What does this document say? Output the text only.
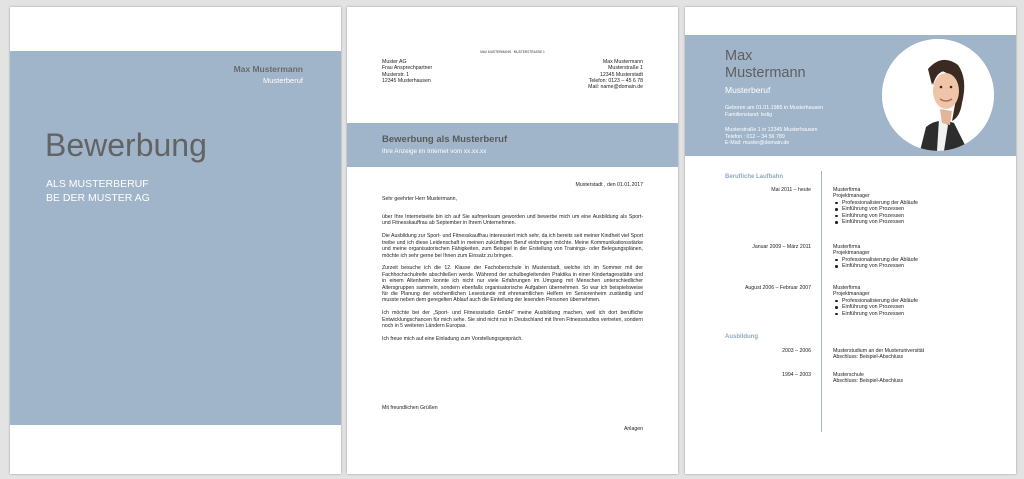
Max Mustermann
Musterberuf
Bewerbung
ALS MUSTERBERUF
BE DER MUSTER AG
MAX MUSTERMANN · MUSTERSTRASSE 1
Muster AG
Frau Ansprechpartner
Musterstr. 1
12345 Musterhausen
Max Mustermann
Musterstraße 1
12345 Musterstadt
Telefon: 0123 – 45 6 78
Mail: name@domain.de
Bewerbung als Musterberuf
Ihre Anzeige im Internet vom xx.xx.xx
Musterstadt , den 01.01.2017
Sehr geehrter Herr Mustermann,

über Ihre Internetseite bin ich auf Sie aufmerksam geworden und bewerbe mich um eine Ausbildung als Sport- und Fitnesskauffrau ab September in Ihrem Unternehmen.

Die Ausbildung zur Sport- und Fitnesskauffrau interessiert mich sehr, da ich bereits seit meiner Kindheit viel Sport treibe und ich diese Leidenschaft in meinen zukünftigen Beruf einbringen möchte. Meine Kommunikationsstärke und meine organisatorischen Fähigkeiten, zum Beispiel in der Erstellung von Trainings- oder Belegungsplänen, möchte ich sehr gerne bei Ihnen zum Einsatz zu bringen.

Zurzeit besuche ich die 12. Klasse der Fachoberschule in Musterstadt, welche ich im Sommer mit der Fachhochschulreife abschließen werde. Während der schulbegleitenden Praktika in einer Kindertagesstätte und in einem Altenheim konnte ich nicht nur viele Erfahrungen im Umgang mit Menschen unterschiedlicher Altersgruppen sammeln, sondern ebenfalls organisatorische Aufgaben übernehmen. So war ich beispielsweise für die Planung der wöchentlichen Lesestunde mit ehrenamtlichen Helfern im Seniorenheim zuständig und musste neben dem geregelten Ablauf auch die Einteilung der lesenden Personen übernehmen.

Ich möchte bei der „Sport- und Fitnessstudio GmbH“ meine Ausbildung machen, weil ich dort berufliche Entwicklungschancen für mich sehe. Sie sind nicht nur in Deutschland mit Ihren Fitnessstudios vertreten, sondern noch in 5 weiteren Ländern Europas.

Ich freue mich auf eine Einladung zum Vorstellungsgespräch.

Mit freundlichen Grüßen
Anlagen
Max
Mustermann
Musterberuf
Geboren am 01.01.1985 in Musterhausen
Familienstand: ledig
Musterstraße 1 in 12345 Musterhausen
Telefon : 012 – 34 56 789
E-Mail: muster@domain.de
Berufliche Laufbahn
Mai 2011 – heute	Musterfirma
Projektmanager
Professionalisierung der Abläufe
Einführung von Prozessen
Einführung von Prozessen
Einführung von Prozessen
Januar 2009 – März 2011	Musterfirma
Projektmanager
Professionalisierung der Abläufe
Einführung von Prozessen
August 2006 – Februar 2007	Musterfirma
Projektmanager
Professionalisierung der Abläufe
Einführung von Prozessen
Einführung von Prozessen
Ausbildung
2003 – 2006	Musterstudium an der Musteruniversität
Abschluss: Beispiel-Abschluss
1994 – 2003	Musterschule
Abschluss: Beispiel-Abschluss
